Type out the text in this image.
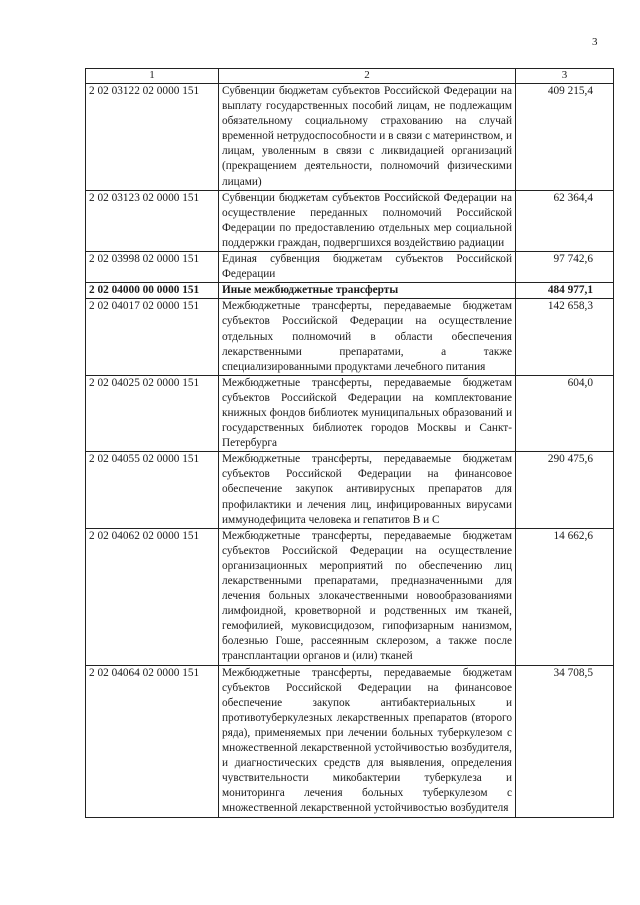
3
1	2	3
2 02 03122 02 0000 151	Субвенции бюджетам субъектов Российской Федерации на выплату государственных пособий лицам, не подлежащим обязательному социальному страхованию на случай временной нетрудоспособности и в связи с материнством, и лицам, уволенным в связи с ликвидацией организаций (прекращением деятельности, полномочий физическими лицами)	409 215,4
2 02 03123 02 0000 151	Субвенции бюджетам субъектов Российской Федерации на осуществление переданных полномочий Российской Федерации по предоставлению отдельных мер социальной поддержки граждан, подвергшихся воздействию радиации	62 364,4
2 02 03998 02 0000 151	Единая субвенция бюджетам субъектов Российской Федерации	97 742,6
2 02 04000 00 0000 151	Иные межбюджетные трансферты	484 977,1
2 02 04017 02 0000 151	Межбюджетные трансферты, передаваемые бюджетам субъектов Российской Федерации на осуществление отдельных полномочий в области обеспечения лекарственными препаратами, а также специализированными продуктами лечебного питания	142 658,3
2 02 04025 02 0000 151	Межбюджетные трансферты, передаваемые бюджетам субъектов Российской Федерации на комплектование книжных фондов библиотек муниципальных образований и государственных библиотек городов Москвы и Санкт-Петербурга	604,0
2 02 04055 02 0000 151	Межбюджетные трансферты, передаваемые бюджетам субъектов Российской Федерации на финансовое обеспечение закупок антивирусных препаратов для профилактики и лечения лиц, инфицированных вирусами иммунодефицита человека и гепатитов В и С	290 475,6
2 02 04062 02 0000 151	Межбюджетные трансферты, передаваемые бюджетам субъектов Российской Федерации на осуществление организационных мероприятий по обеспечению лиц лекарственными препаратами, предназначенными для лечения больных злокачественными новообразованиями лимфоидной, кроветворной и родственных им тканей, гемофилией, муковисцидозом, гипофизарным нанизмом, болезнью Гоше, рассеянным склерозом, а также после трансплантации органов и (или) тканей	14 662,6
2 02 04064 02 0000 151	Межбюджетные трансферты, передаваемые бюджетам субъектов Российской Федерации на финансовое обеспечение закупок антибактериальных и противотуберкулезных лекарственных препаратов (второго ряда), применяемых при лечении больных туберкулезом с множественной лекарственной устойчивостью возбудителя, и диагностических средств для выявления, определения чувствительности микобактерии туберкулеза и мониторинга лечения больных туберкулезом с множественной лекарственной устойчивостью возбудителя	34 708,5
